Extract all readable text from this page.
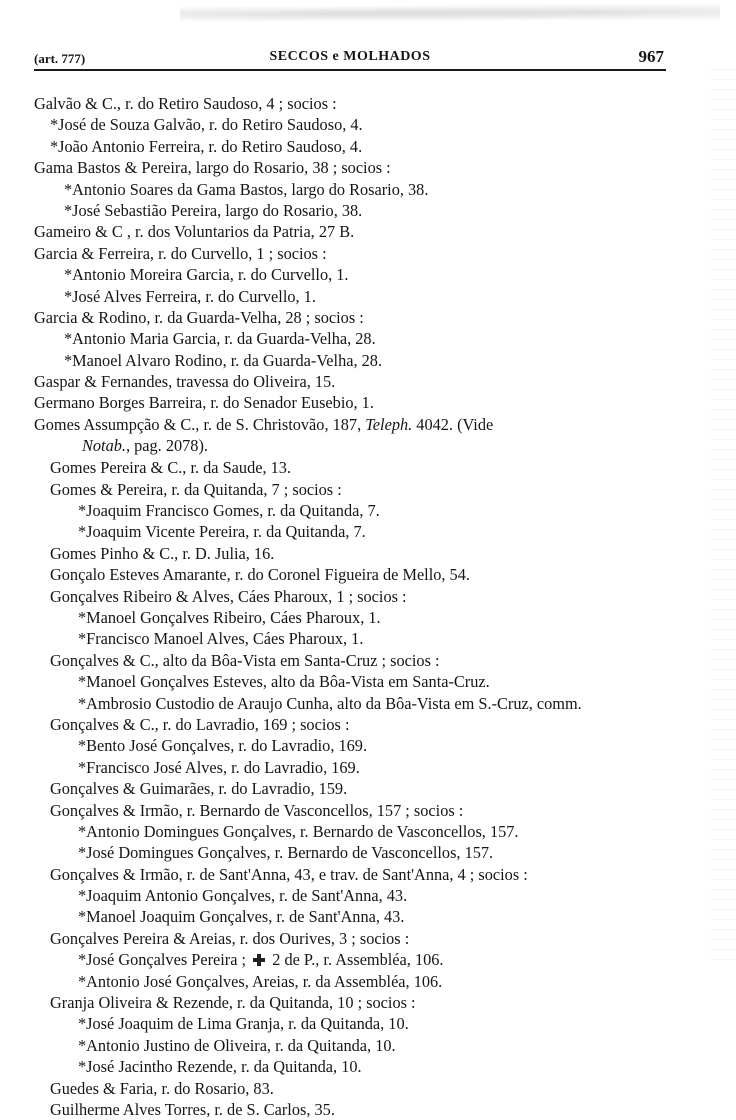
(art. 777)	SECCOS e MOLHADOS	967
Galvão & C., r. do Retiro Saudoso, 4 ; socios :
*José de Souza Galvão, r. do Retiro Saudoso, 4.
*João Antonio Ferreira, r. do Retiro Saudoso, 4.
Gama Bastos & Pereira, largo do Rosario, 38 ; socios :
*Antonio Soares da Gama Bastos, largo do Rosario, 38.
*José Sebastião Pereira, largo do Rosario, 38.
Gameiro & C , r. dos Voluntarios da Patria, 27 B.
Garcia & Ferreira, r. do Curvello, 1 ; socios :
*Antonio Moreira Garcia, r. do Curvello, 1.
*José Alves Ferreira, r. do Curvello, 1.
Garcia & Rodino, r. da Guarda-Velha, 28 ; socios :
*Antonio Maria Garcia, r. da Guarda-Velha, 28.
*Manoel Alvaro Rodino, r. da Guarda-Velha, 28.
Gaspar & Fernandes, travessa do Oliveira, 15.
Germano Borges Barreira, r. do Senador Eusebio, 1.
Gomes Assumpção & C., r. de S. Christovão, 187, Teleph. 4042. (Vide
Notab., pag. 2078).
Gomes Pereira & C., r. da Saude, 13.
Gomes & Pereira, r. da Quitanda, 7 ; socios :
*Joaquim Francisco Gomes, r. da Quitanda, 7.
*Joaquim Vicente Pereira, r. da Quitanda, 7.
Gomes Pinho & C., r. D. Julia, 16.
Gonçalo Esteves Amarante, r. do Coronel Figueira de Mello, 54.
Gonçalves Ribeiro & Alves, Cáes Pharoux, 1 ; socios :
*Manoel Gonçalves Ribeiro, Cáes Pharoux, 1.
*Francisco Manoel Alves, Cáes Pharoux, 1.
Gonçalves & C., alto da Bôa-Vista em Santa-Cruz ; socios :
*Manoel Gonçalves Esteves, alto da Bôa-Vista em Santa-Cruz.
*Ambrosio Custodio de Araujo Cunha, alto da Bôa-Vista em S.-Cruz, comm.
Gonçalves & C., r. do Lavradio, 169 ; socios :
*Bento José Gonçalves, r. do Lavradio, 169.
*Francisco José Alves, r. do Lavradio, 169.
Gonçalves & Guimarães, r. do Lavradio, 159.
Gonçalves & Irmão, r. Bernardo de Vasconcellos, 157 ; socios :
*Antonio Domingues Gonçalves, r. Bernardo de Vasconcellos, 157.
*José Domingues Gonçalves, r. Bernardo de Vasconcellos, 157.
Gonçalves & Irmão, r. de Sant'Anna, 43, e trav. de Sant'Anna, 4 ; socios :
*Joaquim Antonio Gonçalves, r. de Sant'Anna, 43.
*Manoel Joaquim Gonçalves, r. de Sant'Anna, 43.
Gonçalves Pereira & Areias, r. dos Ourives, 3 ; socios :
*José Gonçalves Pereira ; 2 de P., r. Assembléa, 106.
*Antonio José Gonçalves, Areias, r. da Assembléa, 106.
Granja Oliveira & Rezende, r. da Quitanda, 10 ; socios :
*José Joaquim de Lima Granja, r. da Quitanda, 10.
*Antonio Justino de Oliveira, r. da Quitanda, 10.
*José Jacintho Rezende, r. da Quitanda, 10.
Guedes & Faria, r. do Rosario, 83.
Guilherme Alves Torres, r. de S. Carlos, 35.
